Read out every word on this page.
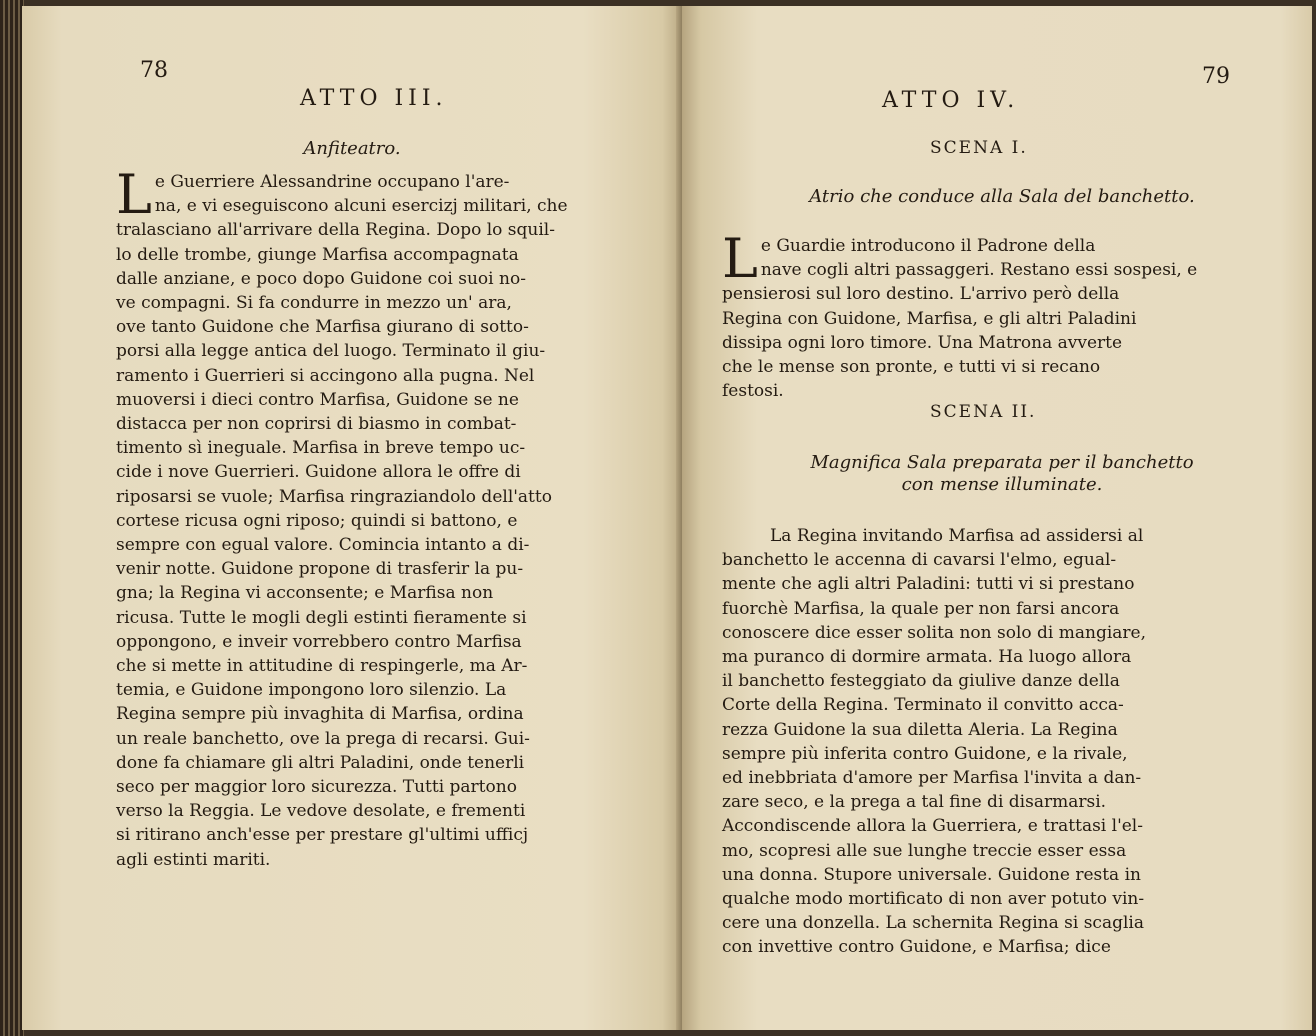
78
ATTO III.
Anfiteatro.
L e Guerriere Alessandrine occupano l'are-
na, e vi eseguiscono alcuni esercizj militari, che
tralasciano all'arrivare della Regina. Dopo lo squil-
lo delle trombe, giunge Marfisa accompagnata
dalle anziane, e poco dopo Guidone coi suoi no-
ve compagni. Si fa condurre in mezzo un' ara,
ove tanto Guidone che Marfisa giurano di sotto-
porsi alla legge antica del luogo. Terminato il giu-
ramento i Guerrieri si accingono alla pugna. Nel
muoversi i dieci contro Marfisa, Guidone se ne
distacca per non coprirsi di biasmo in combat-
timento sì ineguale. Marfisa in breve tempo uc-
cide i nove Guerrieri. Guidone allora le offre di
riposarsi se vuole; Marfisa ringraziandolo dell'atto
cortese ricusa ogni riposo; quindi si battono, e
sempre con egual valore. Comincia intanto a di-
venir notte. Guidone propone di trasferir la pu-
gna; la Regina vi acconsente; e Marfisa non
ricusa. Tutte le mogli degli estinti fieramente si
oppongono, e inveir vorrebbero contro Marfisa
che si mette in attitudine di respingerle, ma Ar-
temia, e Guidone impongono loro silenzio. La
Regina sempre più invaghita di Marfisa, ordina
un reale banchetto, ove la prega di recarsi. Gui-
done fa chiamare gli altri Paladini, onde tenerli
seco per maggior loro sicurezza. Tutti partono
verso la Reggia. Le vedove desolate, e frementi
si ritirano anch'esse per prestare gl'ultimi ufficj
agli estinti mariti.
79
ATTO IV.
SCENA I.
Atrio che conduce alla Sala del banchetto.
L e Guardie introducono il Padrone della
nave cogli altri passaggeri. Restano essi sospesi, e
pensierosi sul loro destino. L'arrivo però della
Regina con Guidone, Marfisa, e gli altri Paladini
dissipa ogni loro timore. Una Matrona avverte
che le mense son pronte, e tutti vi si recano
festosi.
SCENA II.
Magnifica Sala preparata per il banchetto
con mense illuminate.
La Regina invitando Marfisa ad assidersi al
banchetto le accenna di cavarsi l'elmo, egual-
mente che agli altri Paladini: tutti vi si prestano
fuorchè Marfisa, la quale per non farsi ancora
conoscere dice esser solita non solo di mangiare,
ma puranco di dormire armata. Ha luogo allora
il banchetto festeggiato da giulive danze della
Corte della Regina. Terminato il convitto acca-
rezza Guidone la sua diletta Aleria. La Regina
sempre più inferita contro Guidone, e la rivale,
ed inebbriata d'amore per Marfisa l'invita a dan-
zare seco, e la prega a tal fine di disarmarsi.
Accondiscende allora la Guerriera, e trattasi l'el-
mo, scopresi alle sue lunghe treccie esser essa
una donna. Stupore universale. Guidone resta in
qualche modo mortificato di non aver potuto vin-
cere una donzella. La schernita Regina si scaglia
con invettive contro Guidone, e Marfisa; dice
